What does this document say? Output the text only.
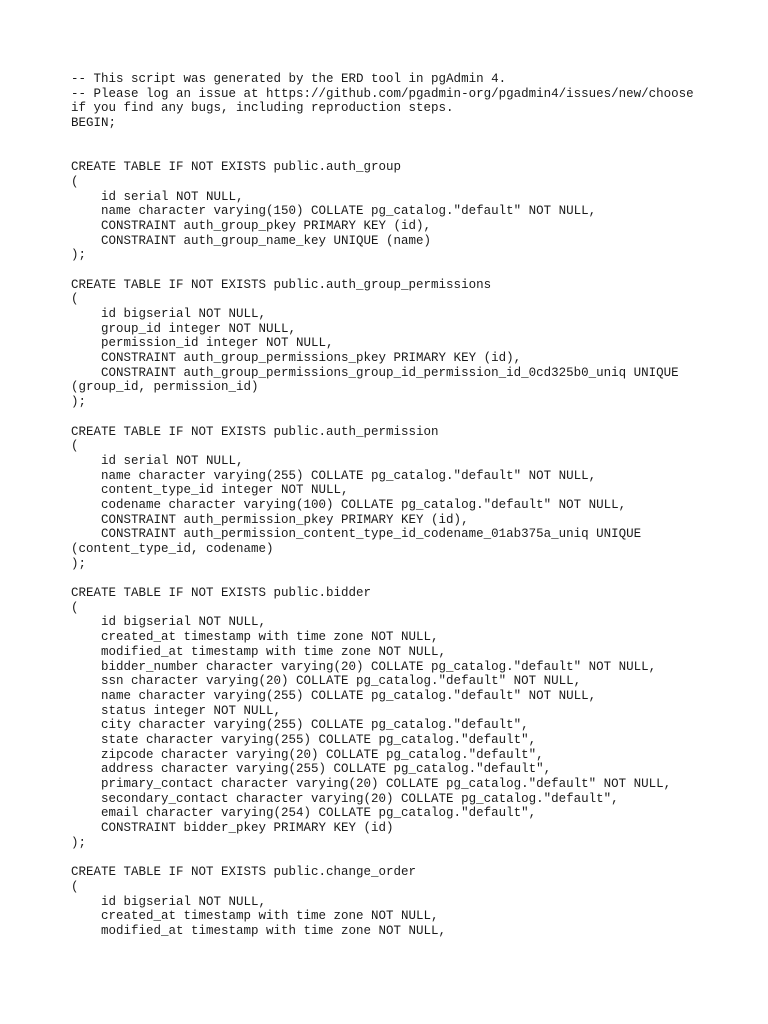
-- This script was generated by the ERD tool in pgAdmin 4.
-- Please log an issue at https://github.com/pgadmin-org/pgadmin4/issues/new/choose
if you find any bugs, including reproduction steps.
BEGIN;
CREATE TABLE IF NOT EXISTS public.auth_group
(
id serial NOT NULL,
name character varying(150) COLLATE pg_catalog."default" NOT NULL,
CONSTRAINT auth_group_pkey PRIMARY KEY (id),
CONSTRAINT auth_group_name_key UNIQUE (name)
);
CREATE TABLE IF NOT EXISTS public.auth_group_permissions
(
id bigserial NOT NULL,
group_id integer NOT NULL,
permission_id integer NOT NULL,
CONSTRAINT auth_group_permissions_pkey PRIMARY KEY (id),
CONSTRAINT auth_group_permissions_group_id_permission_id_0cd325b0_uniq UNIQUE
(group_id, permission_id)
);
CREATE TABLE IF NOT EXISTS public.auth_permission
(
id serial NOT NULL,
name character varying(255) COLLATE pg_catalog."default" NOT NULL,
content_type_id integer NOT NULL,
codename character varying(100) COLLATE pg_catalog."default" NOT NULL,
CONSTRAINT auth_permission_pkey PRIMARY KEY (id),
CONSTRAINT auth_permission_content_type_id_codename_01ab375a_uniq UNIQUE
(content_type_id, codename)
);
CREATE TABLE IF NOT EXISTS public.bidder
(
id bigserial NOT NULL,
created_at timestamp with time zone NOT NULL,
modified_at timestamp with time zone NOT NULL,
bidder_number character varying(20) COLLATE pg_catalog."default" NOT NULL,
ssn character varying(20) COLLATE pg_catalog."default" NOT NULL,
name character varying(255) COLLATE pg_catalog."default" NOT NULL,
status integer NOT NULL,
city character varying(255) COLLATE pg_catalog."default",
state character varying(255) COLLATE pg_catalog."default",
zipcode character varying(20) COLLATE pg_catalog."default",
address character varying(255) COLLATE pg_catalog."default",
primary_contact character varying(20) COLLATE pg_catalog."default" NOT NULL,
secondary_contact character varying(20) COLLATE pg_catalog."default",
email character varying(254) COLLATE pg_catalog."default",
CONSTRAINT bidder_pkey PRIMARY KEY (id)
);
CREATE TABLE IF NOT EXISTS public.change_order
(
id bigserial NOT NULL,
created_at timestamp with time zone NOT NULL,
modified_at timestamp with time zone NOT NULL,
